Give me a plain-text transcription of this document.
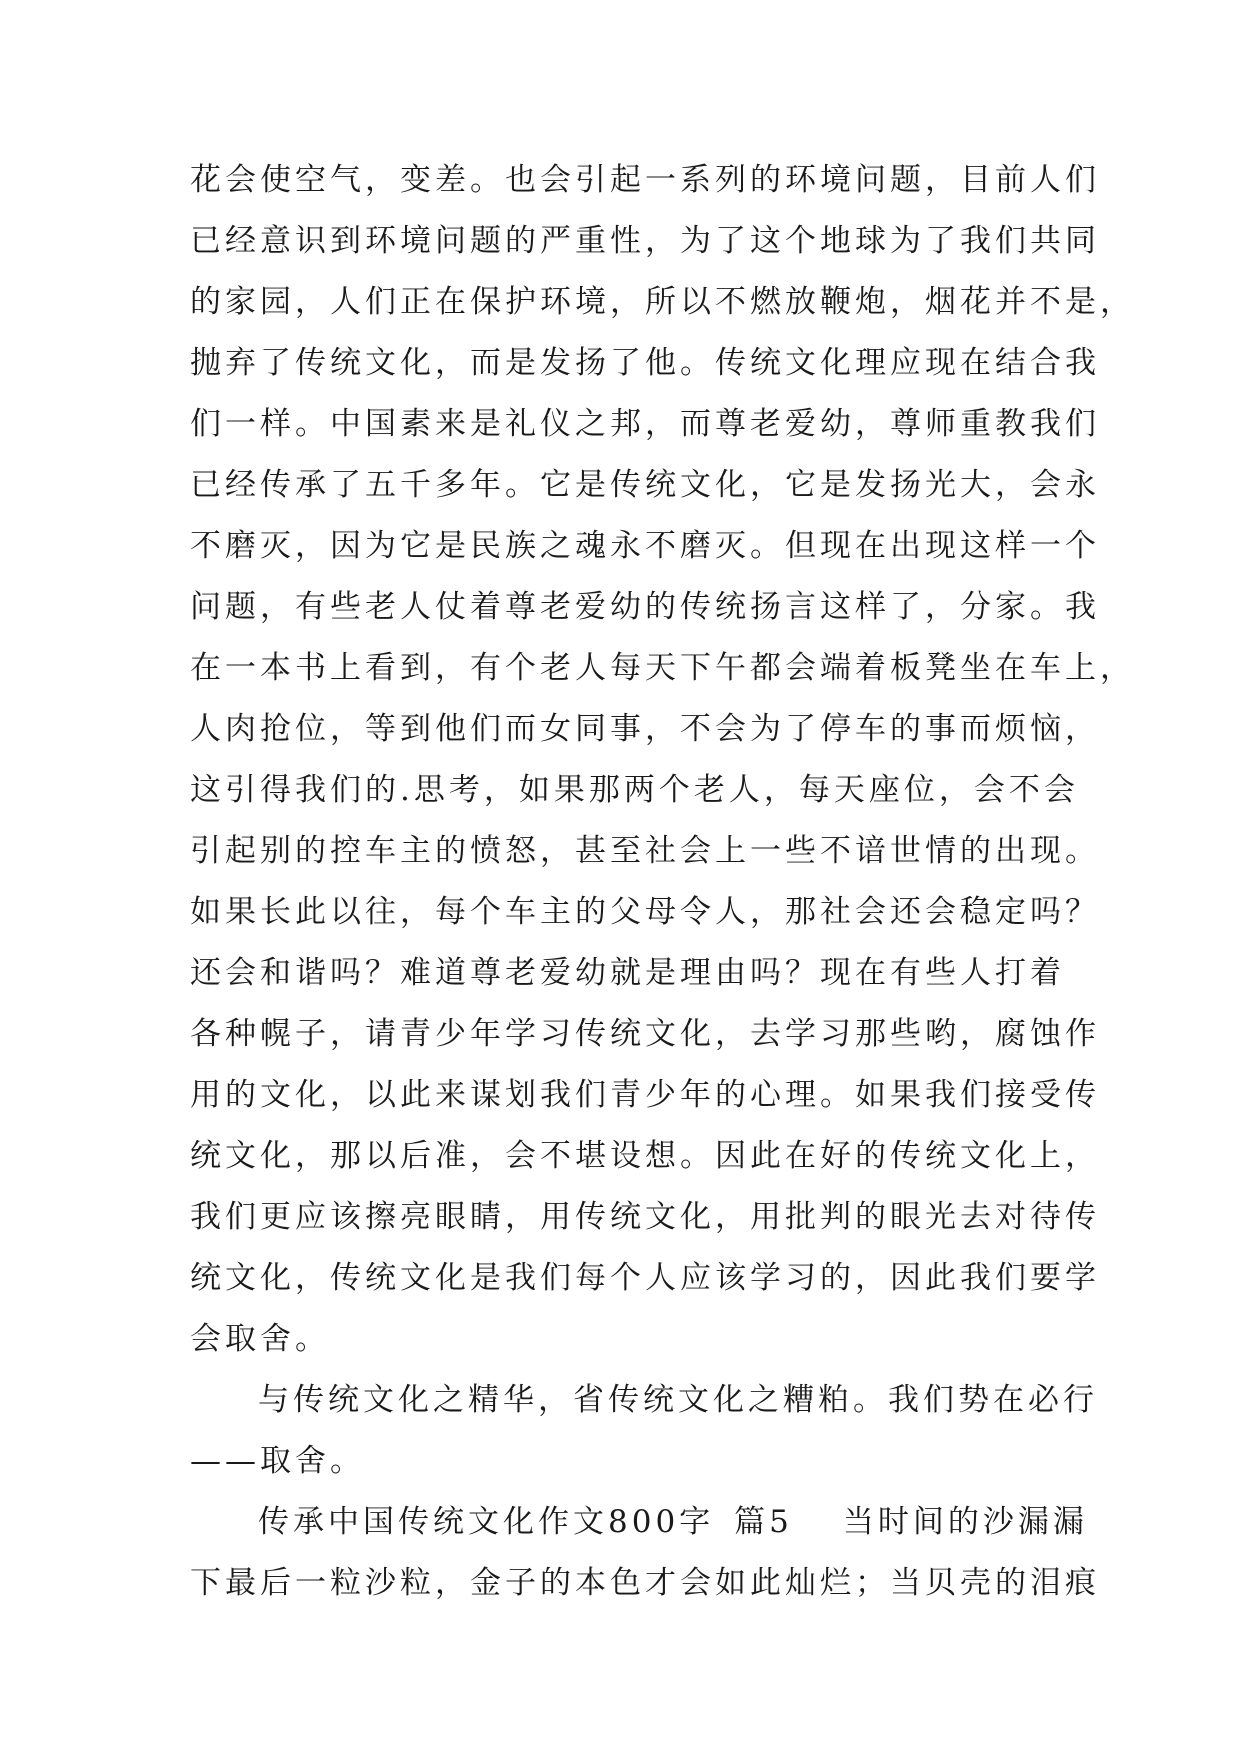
花会使空气，变差。也会引起一系列的环境问题，目前人们
已经意识到环境问题的严重性，为了这个地球为了我们共同
的家园，人们正在保护环境，所以不燃放鞭炮，烟花并不是，
抛弃了传统文化，而是发扬了他。传统文化理应现在结合我
们一样。中国素来是礼仪之邦，而尊老爱幼，尊师重教我们
已经传承了五千多年。它是传统文化，它是发扬光大，会永
不磨灭，因为它是民族之魂永不磨灭。但现在出现这样一个
问题，有些老人仗着尊老爱幼的传统扬言这样了，分家。我
在一本书上看到，有个老人每天下午都会端着板凳坐在车上，
人肉抢位，等到他们而女同事，不会为了停车的事而烦恼，
这引得我们的.思考，如果那两个老人，每天座位，会不会
引起别的控车主的愤怒，甚至社会上一些不谙世情的出现。
如果长此以往，每个车主的父母令人，那社会还会稳定吗？
还会和谐吗？难道尊老爱幼就是理由吗？现在有些人打着
各种幌子，请青少年学习传统文化，去学习那些哟，腐蚀作
用的文化，以此来谋划我们青少年的心理。如果我们接受传
统文化，那以后准，会不堪设想。因此在好的传统文化上，
我们更应该擦亮眼睛，用传统文化，用批判的眼光去对待传
统文化，传统文化是我们每个人应该学习的，因此我们要学
会取舍。
与传统文化之精华，省传统文化之糟粕。我们势在必行
——取舍。
传承中国传统文化作文800字 篇5 当时间的沙漏漏
下最后一粒沙粒，金子的本色才会如此灿烂；当贝壳的泪痕
